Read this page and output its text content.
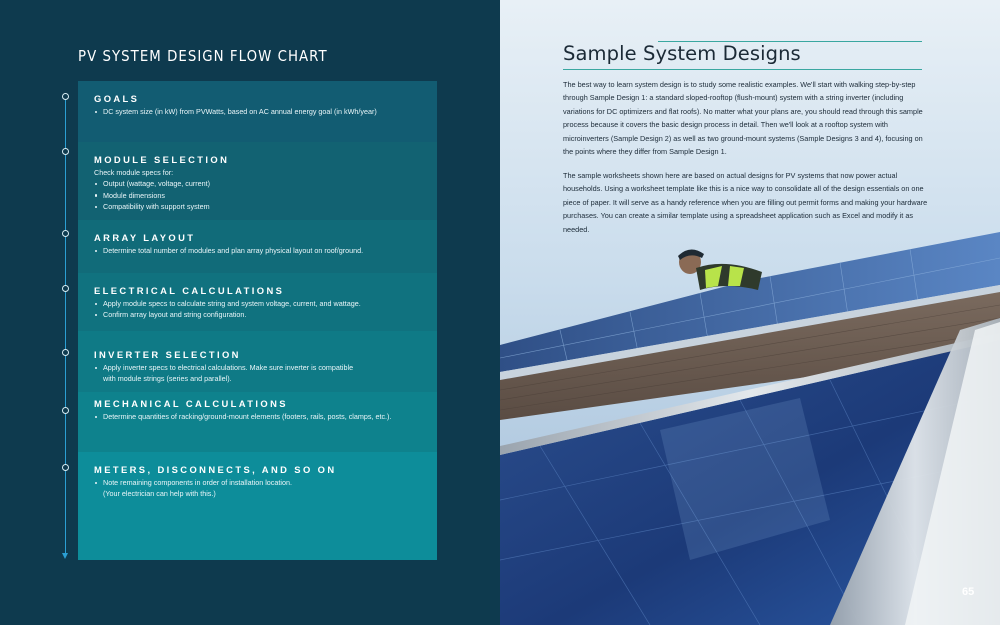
PV SYSTEM DESIGN FLOW CHART
GOALS
DC system size (in kW) from PVWatts, based on AC annual energy goal (in kWh/year)
MODULE SELECTION
Check module specs for:
Output (wattage, voltage, current)
Module dimensions
Compatibility with support system
ARRAY LAYOUT
Determine total number of modules and plan array physical layout on roof/ground.
ELECTRICAL CALCULATIONS
Apply module specs to calculate string and system voltage, current, and wattage.
Confirm array layout and string configuration.
INVERTER SELECTION
Apply inverter specs to electrical calculations. Make sure inverter is compatible
with module strings (series and parallel).
MECHANICAL CALCULATIONS
Determine quantities of racking/ground-mount elements (footers, rails, posts, clamps, etc.).
METERS, DISCONNECTS, AND SO ON
Note remaining components in order of installation location.
(Your electrician can help with this.)
Sample System Designs

The best way to learn system design is to study some realistic examples. We'll start with walking step-by-step through Sample Design 1: a standard sloped-rooftop (flush-mount) system with a string inverter (including variations for DC optimizers and flat roofs). No matter what your plans are, you should read through this sample process because it covers the basic design process in detail. Then we'll look at a rooftop system with microinverters (Sample Design 2) as well as two ground-mount systems (Sample Designs 3 and 4), focusing on the points where they differ from Sample Design 1.

The sample worksheets shown here are based on actual designs for PV systems that now power actual households. Using a worksheet template like this is a nice way to consolidate all of the design essentials on one piece of paper. It will serve as a handy reference when you are filling out permit forms and making your hardware purchases. You can create a similar template using a spreadsheet application such as Excel and modify it as needed.

65
